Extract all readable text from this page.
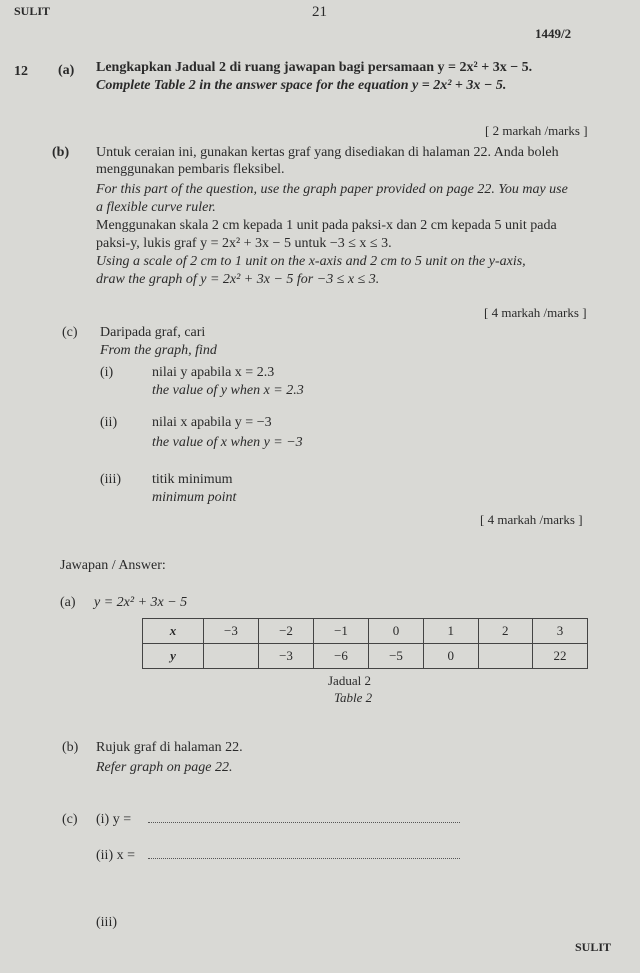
SULIT	21
1449/2
12 (a) Lengkapkan Jadual 2 di ruang jawapan bagi persamaan y = 2x² + 3x − 5.
Complete Table 2 in the answer space for the equation y = 2x² + 3x − 5.
[ 2 markah /marks ]
(b) Untuk ceraian ini, gunakan kertas graf yang disediakan di halaman 22. Anda boleh
menggunakan pembaris fleksibel.
For this part of the question, use the graph paper provided on page 22. You may use
a flexible curve ruler.
Menggunakan skala 2 cm kepada 1 unit pada paksi-x dan 2 cm kepada 5 unit pada
paksi-y, lukis graf y = 2x² + 3x − 5 untuk −3 ≤ x ≤ 3.
Using a scale of 2 cm to 1 unit on the x-axis and 2 cm to 5 unit on the y-axis,
draw the graph of y = 2x² + 3x − 5 for −3 ≤ x ≤ 3.
[ 4 markah /marks ]
(c) Daripada graf, cari
From the graph, find
(i)	nilai y apabila x = 2.3
the value of y when x = 2.3
(ii) nilai x apabila y = −3
the value of x when y = −3
(iii) titik minimum
minimum point
[ 4 markah /marks ]
Jawapan / Answer:
(a) y = 2x² + 3x − 5
x	−3	−2	−1	0	1	2	3
y		−3	−6	−5	0		22
Jadual 2
Table 2
(b) Rujuk graf di halaman 22.
Refer graph on page 22.
(c) (i) y =
(ii) x =
(iii)
SULIT
